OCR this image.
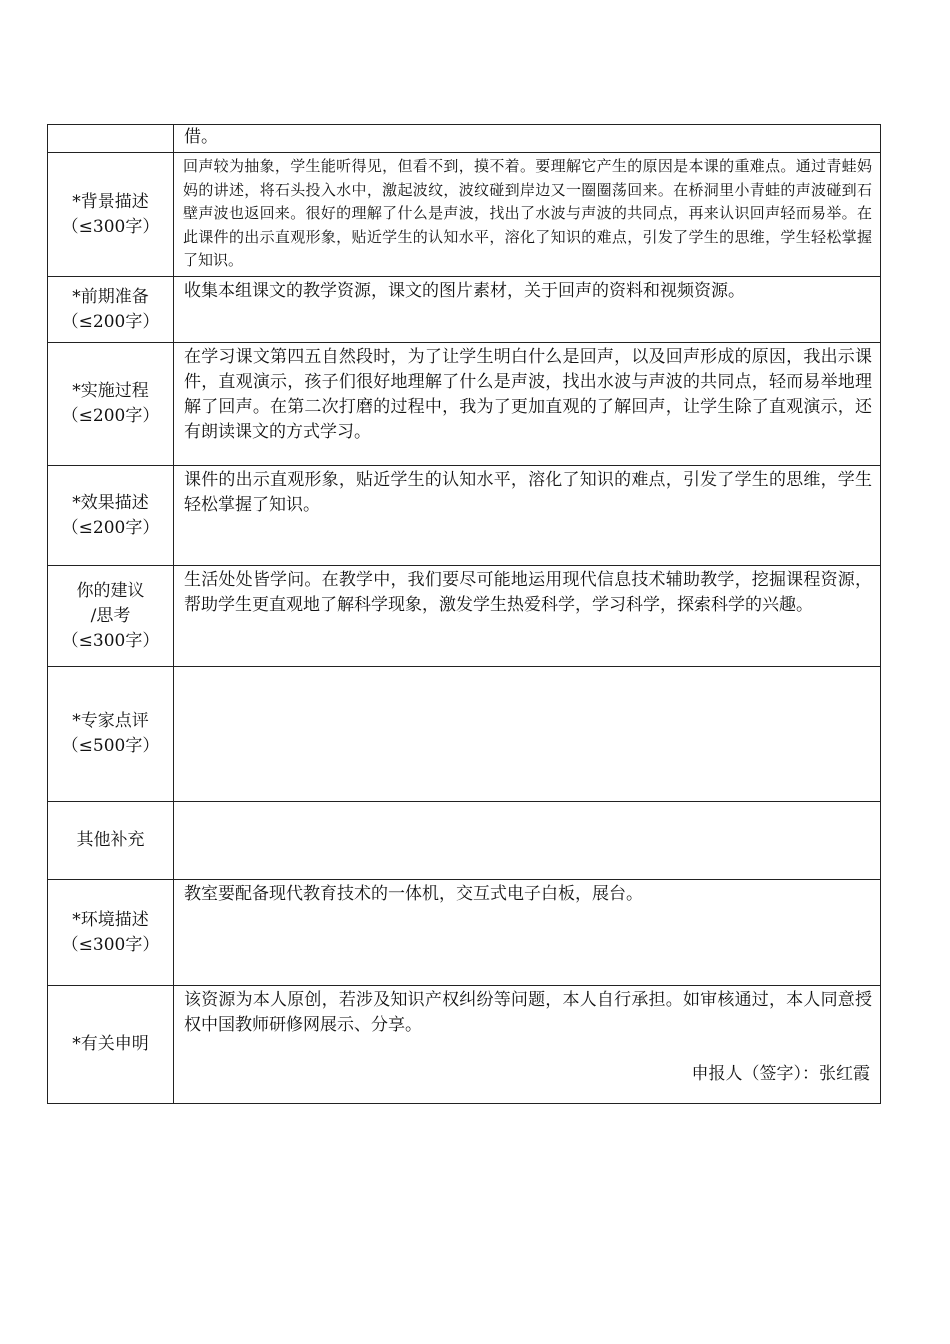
	借。

*背景描述
（≤300字）	回声较为抽象，学生能听得见，但看不到，摸不着。要理解它产生的原因是本课的重难点。通过青蛙妈妈的讲述，将石头投入水中，激起波纹，波纹碰到岸边又一圈圈荡回来。在桥洞里小青蛙的声波碰到石壁声波也返回来。很好的理解了什么是声波，找出了水波与声波的共同点，再来认识回声轻而易举。在此课件的出示直观形象，贴近学生的认知水平，溶化了知识的难点，引发了学生的思维，学生轻松掌握了知识。

*前期准备
（≤200字）	收集本组课文的教学资源，课文的图片素材，关于回声的资料和视频资源。

*实施过程
（≤200字）	在学习课文第四五自然段时，为了让学生明白什么是回声，以及回声形成的原因，我出示课件，直观演示，孩子们很好地理解了什么是声波，找出水波与声波的共同点，轻而易举地理解了回声。在第二次打磨的过程中，我为了更加直观的了解回声，让学生除了直观演示，还有朗读课文的方式学习。

*效果描述
（≤200字）	课件的出示直观形象，贴近学生的认知水平，溶化了知识的难点，引发了学生的思维，学生轻松掌握了知识。

你的建议
/思考
（≤300字）	生活处处皆学问。在教学中，我们要尽可能地运用现代信息技术辅助教学，挖掘课程资源，帮助学生更直观地了解科学现象，激发学生热爱科学，学习科学，探索科学的兴趣。

*专家点评
（≤500字）	

其他补充	

*环境描述
（≤300字）	教室要配备现代教育技术的一体机，交互式电子白板，展台。

*有关申明	该资源为本人原创，若涉及知识产权纠纷等问题，本人自行承担。如审核通过，本人同意授权中国教师研修网展示、分享。
申报人（签字）：张红霞
